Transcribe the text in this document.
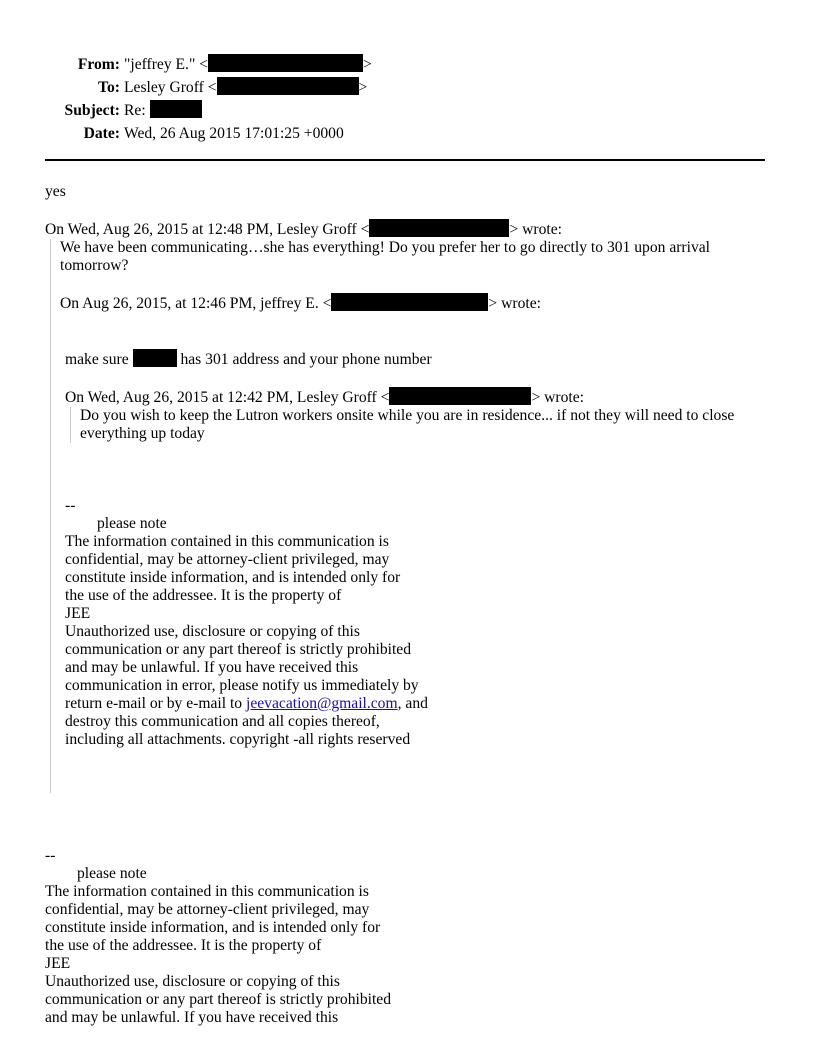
From: "jeffrey E." <	>
To: Lesley Groff <	>
Subject: Re:
Date: Wed, 26 Aug 2015 17:01:25 +0000
yes
On Wed, Aug 26, 2015 at 12:48 PM, Lesley Groff <	> wrote:
We have been communicating…she has everything! Do you prefer her to go directly to 301 upon arrival tomorrow?
On Aug 26, 2015, at 12:46 PM, jeffrey E. <	> wrote:
make sure	has 301 address and your phone number
On Wed, Aug 26, 2015 at 12:42 PM, Lesley Groff <	> wrote:
Do you wish to keep the Lutron workers onsite while you are in residence... if not they will need to close everything up today
--
please note
The information contained in this communication is
confidential, may be attorney-client privileged, may
constitute inside information, and is intended only for
the use of the addressee. It is the property of
JEE
Unauthorized use, disclosure or copying of this
communication or any part thereof is strictly prohibited
and may be unlawful. If you have received this
communication in error, please notify us immediately by
return e-mail or by e-mail to jeevacation@gmail.com, and
destroy this communication and all copies thereof,
including all attachments. copyright -all rights reserved
--
please note
The information contained in this communication is
confidential, may be attorney-client privileged, may
constitute inside information, and is intended only for
the use of the addressee. It is the property of
JEE
Unauthorized use, disclosure or copying of this
communication or any part thereof is strictly prohibited
and may be unlawful. If you have received this
